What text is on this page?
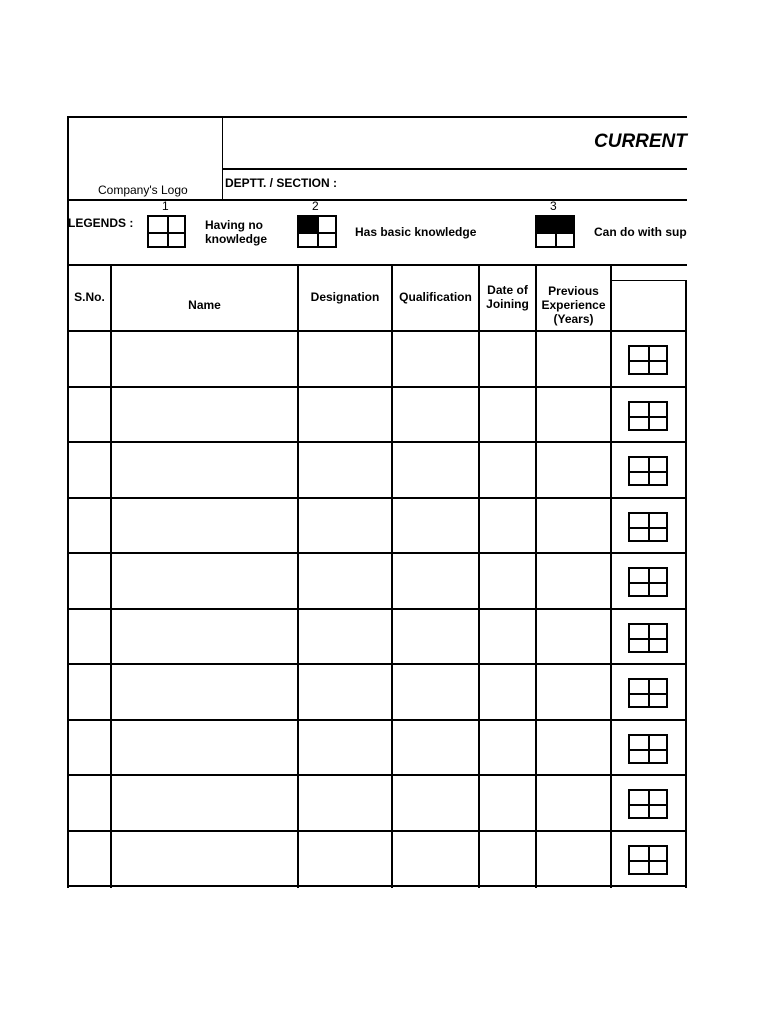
Company's Logo
CURRENT
DEPTT. / SECTION :
LEGENDS :
1
Having no
knowledge
2
Has basic knowledge
3
Can do with sup
S.No.
Name
Designation	Qualification	Date of
Joining
Previous
Experience
(Years)
